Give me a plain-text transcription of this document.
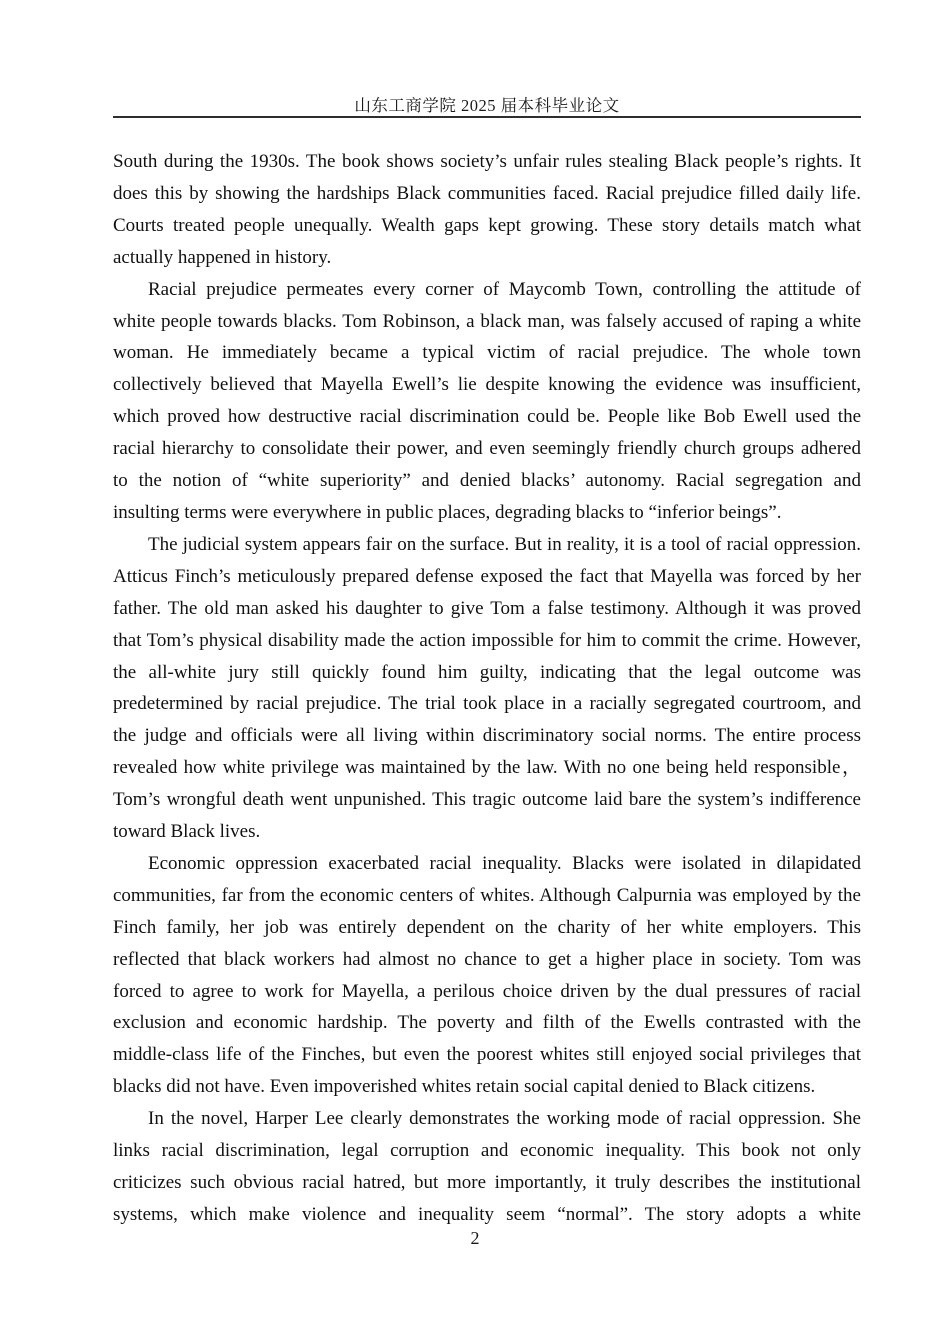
山东工商学院 2025 届本科毕业论文
South during the 1930s. The book shows society’s unfair rules stealing Black people’s rights. It
does this by showing the hardships Black communities faced. Racial prejudice filled daily life.
Courts treated people unequally. Wealth gaps kept growing. These story details match what
actually happened in history.
Racial prejudice permeates every corner of Maycomb Town, controlling the attitude of
white people towards blacks. Tom Robinson, a black man, was falsely accused of raping a white
woman. He immediately became a typical victim of racial prejudice. The whole town
collectively believed that Mayella Ewell’s lie despite knowing the evidence was insufficient,
which proved how destructive racial discrimination could be. People like Bob Ewell used the
racial hierarchy to consolidate their power, and even seemingly friendly church groups adhered
to the notion of “white superiority” and denied blacks’ autonomy. Racial segregation and
insulting terms were everywhere in public places, degrading blacks to “inferior beings”.
The judicial system appears fair on the surface. But in reality, it is a tool of racial oppression.
Atticus Finch’s meticulously prepared defense exposed the fact that Mayella was forced by her
father. The old man asked his daughter to give Tom a false testimony. Although it was proved
that Tom’s physical disability made the action impossible for him to commit the crime. However,
the all-white jury still quickly found him guilty, indicating that the legal outcome was
predetermined by racial prejudice. The trial took place in a racially segregated courtroom, and
the judge and officials were all living within discriminatory social norms. The entire process
revealed how white privilege was maintained by the law. With no one being held responsible，
Tom’s wrongful death went unpunished. This tragic outcome laid bare the system’s indifference
toward Black lives.
Economic oppression exacerbated racial inequality. Blacks were isolated in dilapidated
communities, far from the economic centers of whites. Although Calpurnia was employed by the
Finch family, her job was entirely dependent on the charity of her white employers. This
reflected that black workers had almost no chance to get a higher place in society. Tom was
forced to agree to work for Mayella, a perilous choice driven by the dual pressures of racial
exclusion and economic hardship. The poverty and filth of the Ewells contrasted with the
middle-class life of the Finches, but even the poorest whites still enjoyed social privileges that
blacks did not have. Even impoverished whites retain social capital denied to Black citizens.
In the novel, Harper Lee clearly demonstrates the working mode of racial oppression. She
links racial discrimination, legal corruption and economic inequality. This book not only
criticizes such obvious racial hatred, but more importantly, it truly describes the institutional
systems, which make violence and inequality seem “normal”. The story adopts a white
2
